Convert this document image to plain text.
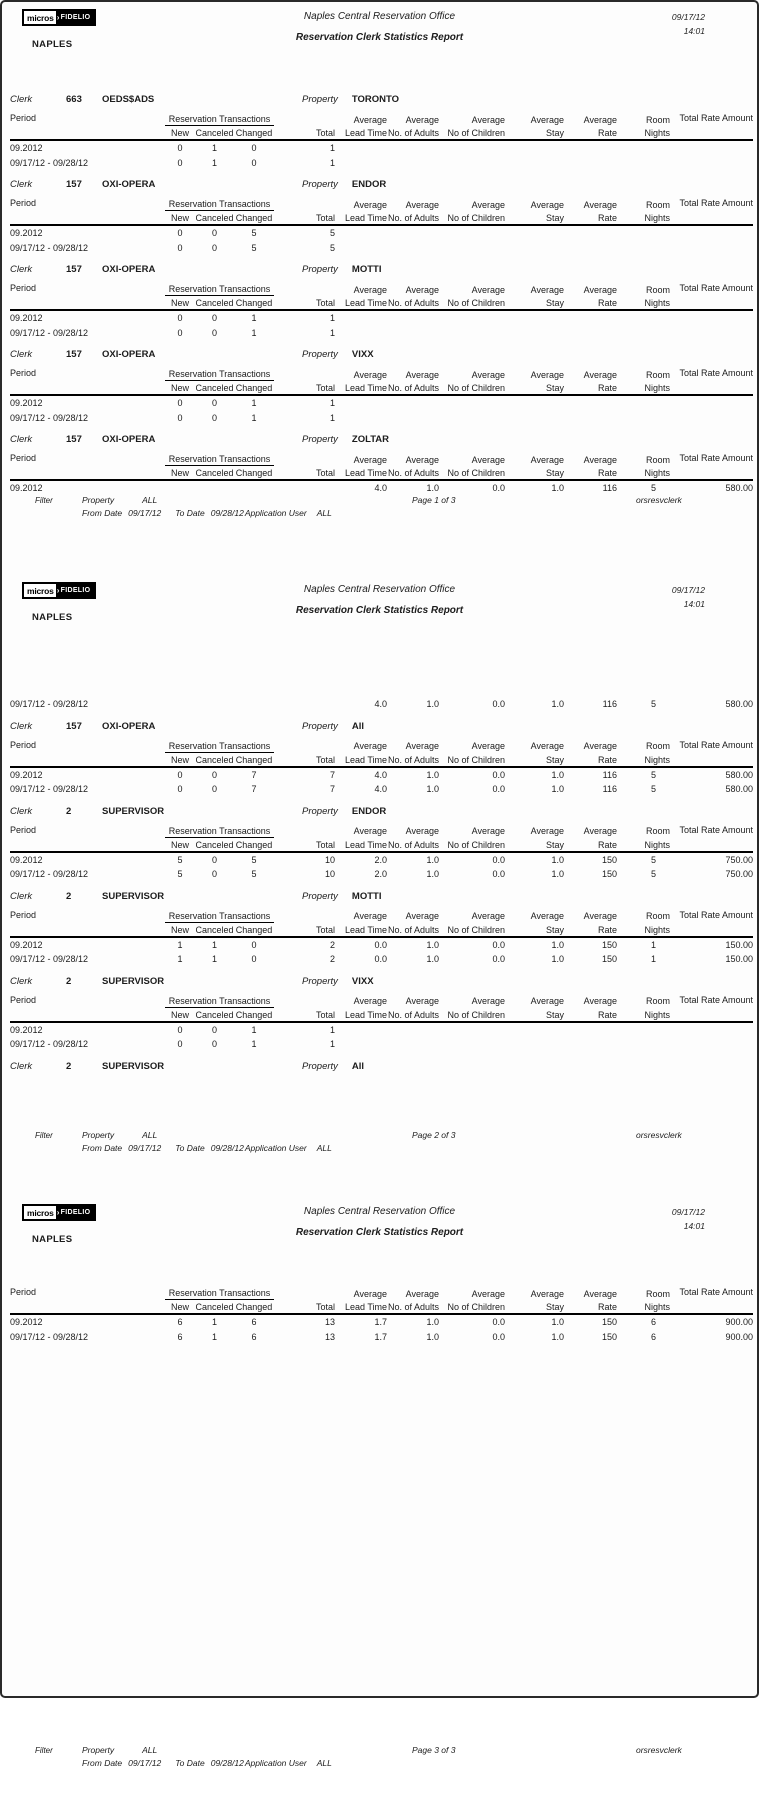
micros › FIDELIO
NAPLES
Naples Central Reservation Office
Reservation Clerk Statistics Report
09/17/12
14:01
Clerk	663 OEDS$ADS	Property TORONTO
Period	Reservation Transactions				Average	Average	Average	Average	Average	Room	Total Rate Amount
	New	Canceled	Changed	Total	Lead Time	No. of Adults	No of Children	Stay	Rate	Nights	
09.2012	0	1	0	1							
09/17/12 - 09/28/12	0	1	0	1							
Clerk	157 OXI-OPERA	Property ENDOR
Period	Reservation Transactions				Average	Average	Average	Average	Average	Room	Total Rate Amount
	New	Canceled	Changed	Total	Lead Time	No. of Adults	No of Children	Stay	Rate	Nights	
09.2012	0	0	5	5							
09/17/12 - 09/28/12	0	0	5	5							
Clerk	157 OXI-OPERA	Property MOTTI
Period	Reservation Transactions				Average	Average	Average	Average	Average	Room	Total Rate Amount
	New	Canceled	Changed	Total	Lead Time	No. of Adults	No of Children	Stay	Rate	Nights	
09.2012	0	0	1	1							
09/17/12 - 09/28/12	0	0	1	1							
Clerk	157 OXI-OPERA	Property VIXX
Period	Reservation Transactions				Average	Average	Average	Average	Average	Room	Total Rate Amount
	New	Canceled	Changed	Total	Lead Time	No. of Adults	No of Children	Stay	Rate	Nights	
09.2012	0	0	1	1							
09/17/12 - 09/28/12	0	0	1	1							
Clerk	157 OXI-OPERA	Property ZOLTAR
Period	Reservation Transactions				Average	Average	Average	Average	Average	Room	Total Rate Amount
	New	Canceled	Changed	Total	Lead Time	No. of Adults	No of Children	Stay	Rate	Nights	
09.2012					4.0	1.0	0.0	1.0	116	5	580.00
Filter	Property	ALL
From Date 09/17/12 To Date 09/28/12Application User ALL
Page 1 of 3	orsresvclerk
micros › FIDELIO
NAPLES
Naples Central Reservation Office
Reservation Clerk Statistics Report
09/17/12
14:01
09/17/12 - 09/28/12					4.0	1.0	0.0	1.0	116	5	580.00
Clerk	157 OXI-OPERA	Property All
Period	Reservation Transactions				Average	Average	Average	Average	Average	Room	Total Rate Amount
	New	Canceled	Changed	Total	Lead Time	No. of Adults	No of Children	Stay	Rate	Nights	
09.2012	0	0	7	7	4.0	1.0	0.0	1.0	116	5	580.00
09/17/12 - 09/28/12	0	0	7	7	4.0	1.0	0.0	1.0	116	5	580.00
Clerk	2	SUPERVISOR	Property ENDOR
Period	Reservation Transactions				Average	Average	Average	Average	Average	Room	Total Rate Amount
	New	Canceled	Changed	Total	Lead Time	No. of Adults	No of Children	Stay	Rate	Nights	
09.2012	5	0	5	10	2.0	1.0	0.0	1.0	150	5	750.00
09/17/12 - 09/28/12	5	0	5	10	2.0	1.0	0.0	1.0	150	5	750.00
Clerk	2	SUPERVISOR	Property MOTTI
Period	Reservation Transactions				Average	Average	Average	Average	Average	Room	Total Rate Amount
	New	Canceled	Changed	Total	Lead Time	No. of Adults	No of Children	Stay	Rate	Nights	
09.2012	1	1	0	2	0.0	1.0	0.0	1.0	150	1	150.00
09/17/12 - 09/28/12	1	1	0	2	0.0	1.0	0.0	1.0	150	1	150.00
Clerk	2	SUPERVISOR	Property VIXX
Period	Reservation Transactions				Average	Average	Average	Average	Average	Room	Total Rate Amount
	New	Canceled	Changed	Total	Lead Time	No. of Adults	No of Children	Stay	Rate	Nights	
09.2012	0	0	1	1							
09/17/12 - 09/28/12	0	0	1	1							
Clerk	2	SUPERVISOR	Property All
Filter	Property	ALL
From Date 09/17/12 To Date 09/28/12Application User ALL
Page 2 of 3	orsresvclerk
micros › FIDELIO
NAPLES
Naples Central Reservation Office
Reservation Clerk Statistics Report
09/17/12
14:01
Period	Reservation Transactions				Average	Average	Average	Average	Average	Room	Total Rate Amount
	New	Canceled	Changed	Total	Lead Time	No. of Adults	No of Children	Stay	Rate	Nights	
09.2012	6	1	6	13	1.7	1.0	0.0	1.0	150	6	900.00
09/17/12 - 09/28/12	6	1	6	13	1.7	1.0	0.0	1.0	150	6	900.00
Filter	Property	ALL
From Date 09/17/12 To Date 09/28/12Application User ALL
Page 3 of 3	orsresvclerk
